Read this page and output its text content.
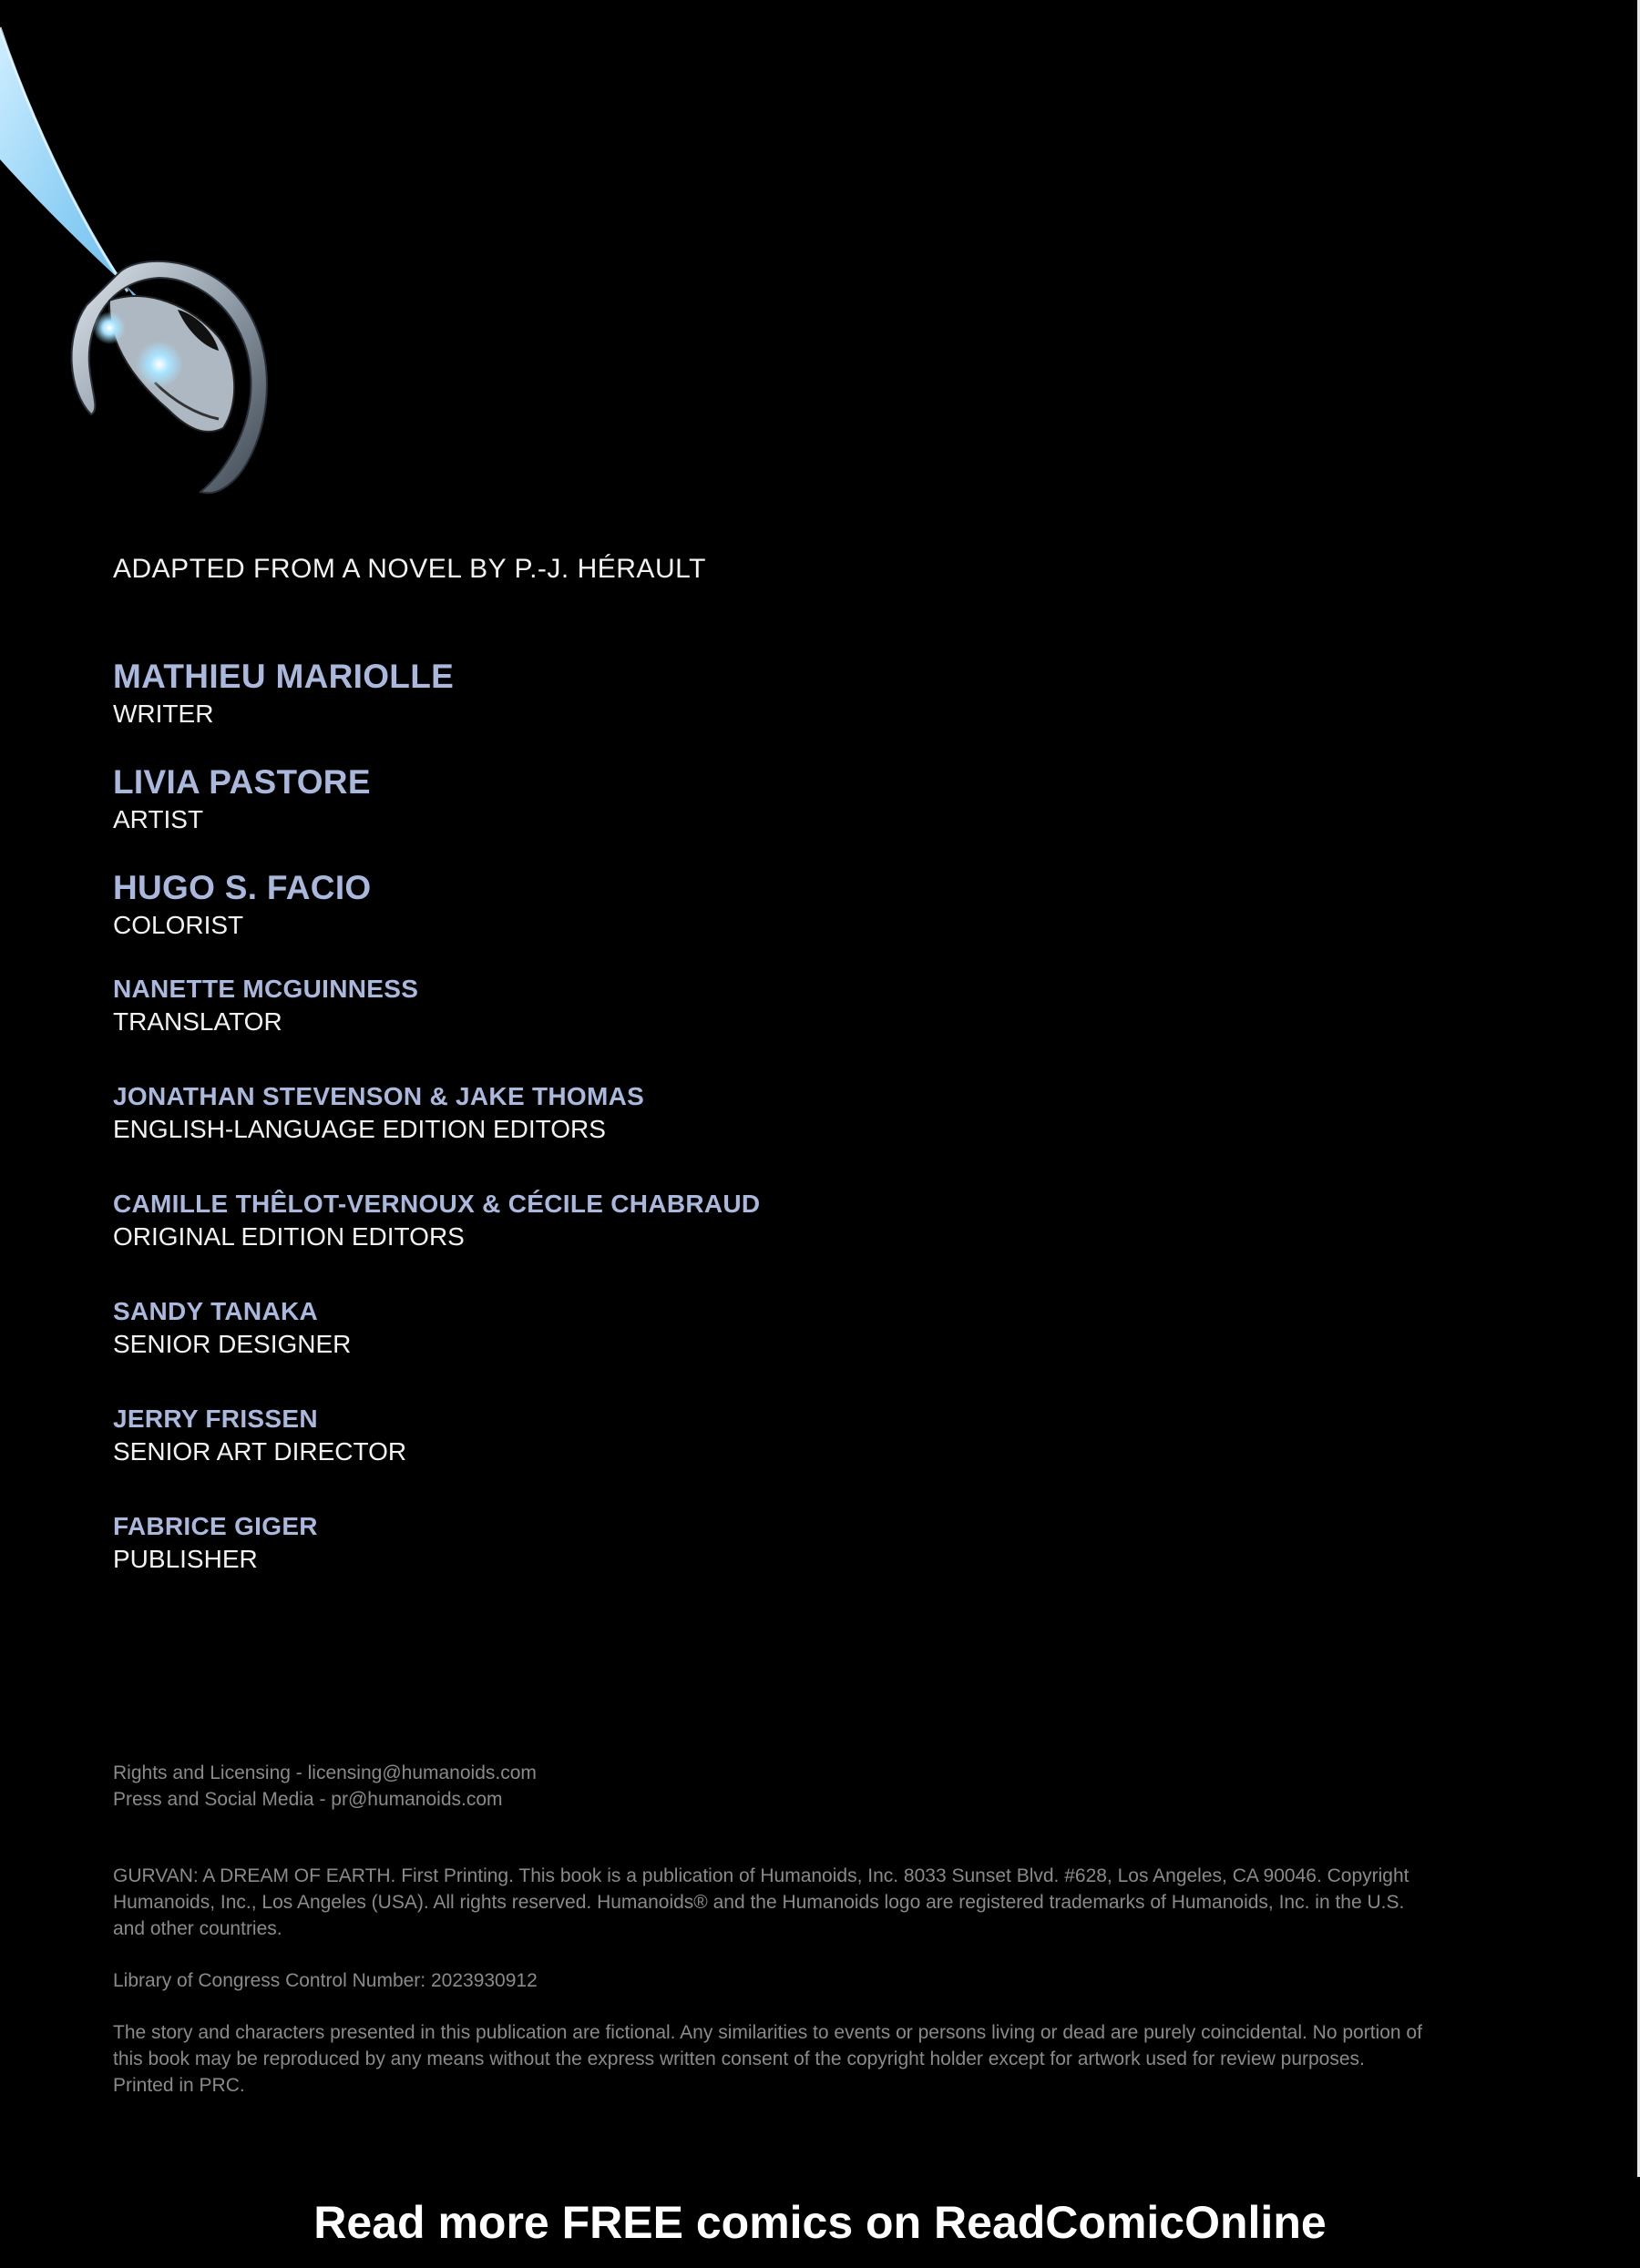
ADAPTED FROM A NOVEL BY P.-J. HÉRAULT
MATHIEU MARIOLLE
WRITER
LIVIA PASTORE
ARTIST
HUGO S. FACIO
COLORIST
NANETTE MCGUINNESS
TRANSLATOR
JONATHAN STEVENSON & JAKE THOMAS
ENGLISH-LANGUAGE EDITION EDITORS
CAMILLE THÊLOT-VERNOUX & CÉCILE CHABRAUD
ORIGINAL EDITION EDITORS
SANDY TANAKA
SENIOR DESIGNER
JERRY FRISSEN
SENIOR ART DIRECTOR
FABRICE GIGER
PUBLISHER

Rights and Licensing - licensing@humanoids.com

Press and Social Media - pr@humanoids.com

GURVAN: A DREAM OF EARTH. First Printing. This book is a publication of Humanoids, Inc. 8033 Sunset Blvd. #628, Los Angeles, CA 90046. Copyright Humanoids, Inc., Los Angeles (USA). All rights reserved. Humanoids® and the Humanoids logo are registered trademarks of Humanoids, Inc. in the U.S. and other countries.

Library of Congress Control Number: 2023930912

The story and characters presented in this publication are fictional. Any similarities to events or persons living or dead are purely coincidental. No portion of this book may be reproduced by any means without the express written consent of the copyright holder except for artwork used for review purposes. Printed in PRC.

Read more FREE comics on ReadComicOnline
